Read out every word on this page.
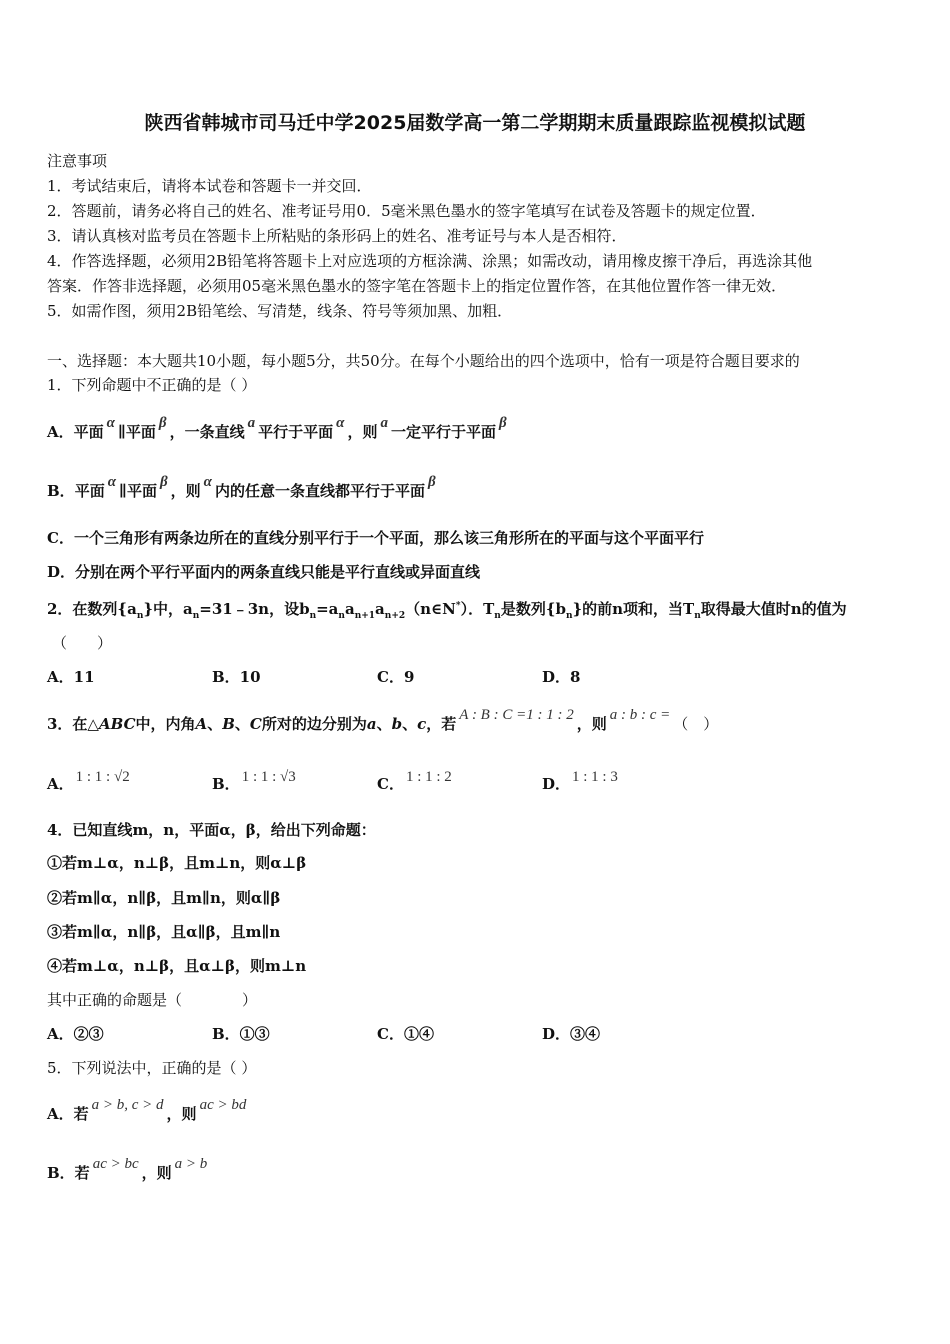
陕西省韩城市司马迁中学2025届数学高一第二学期期末质量跟踪监视模拟试题
注意事项
1．考试结束后，请将本试卷和答题卡一并交回．
2．答题前，请务必将自己的姓名、准考证号用0．5毫米黑色墨水的签字笔填写在试卷及答题卡的规定位置．
3．请认真核对监考员在答题卡上所粘贴的条形码上的姓名、准考证号与本人是否相符．
4．作答选择题，必须用2B铅笔将答题卡上对应选项的方框涂满、涂黑；如需改动，请用橡皮擦干净后，再选涂其他
答案．作答非选择题，必须用05毫米黑色墨水的签字笔在答题卡上的指定位置作答，在其他位置作答一律无效．
5．如需作图，须用2B铅笔绘、写清楚，线条、符号等须加黑、加粗．
一、选择题：本大题共10小题，每小题5分，共50分。在每个小题给出的四个选项中，恰有一项是符合题目要求的
1．下列命题中不正确的是（ ）
A．平面 α ∥平面 β ，一条直线 a 平行于平面 α ，则 a 一定平行于平面 β
B．平面 α ∥平面 β ，则 α 内的任意一条直线都平行于平面 β
C．一个三角形有两条边所在的直线分别平行于一个平面，那么该三角形所在的平面与这个平面平行
D．分别在两个平行平面内的两条直线只能是平行直线或异面直线
2．在数列$\{a_n\}$中，$a_n=31﹣3n$，设$b_n=a_na_{n+1}a_{n+2}(n\in N^*)$．$T_n$是数列$\{b_n\}$的前n项和，当$T_n$取得最大值时n的值为
（　　）
A．11	B．10	C．9	D．8
3．在△ABC中，内角A、B、C所对的边分别为a、b、c，若 A : B : C =1 : 1 : 2 ，则 a : b : c = （　）
A． 1 : 1 : √2	B． 1 : 1 : √3	C． 1 : 1 : 2	D． 1 : 1 : 3
4．已知直线m，n，平面α，β，给出下列命题：
①若m⊥α，n⊥β，且m⊥n，则α⊥β
②若m∥α，n∥β，且m∥n，则α∥β
③若m∥α，n∥β，且α∥β，且m∥n
④若m⊥α，n⊥β，且α⊥β，则m⊥n
其中正确的命题是（　　　　）
A．②③	B．①③	C．①④	D．③④
5．下列说法中，正确的是（ ）
A．若 a > b, c > d ，则 ac > bd
B．若 ac > bc ，则 a > b
